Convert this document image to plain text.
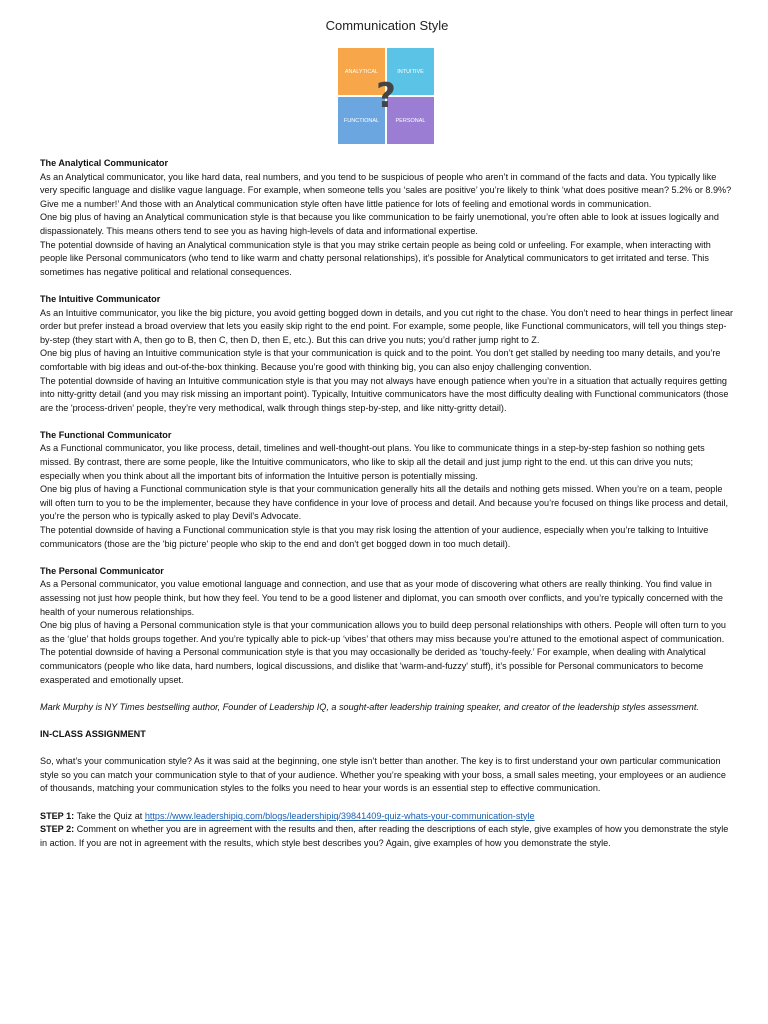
Communication Style
ANALYTICAL	INTUITIVE
FUNCTIONAL	PERSONAL
?

The Analytical Communicator

As an Analytical communicator, you like hard data, real numbers, and you tend to be suspicious of people who aren’t in command of the facts and data. You typically like very specific language and dislike vague language. For example, when someone tells you ‘sales are positive’ you’re likely to think ‘what does positive mean? 5.2% or 8.9%? Give me a number!’ And those with an Analytical communication style often have little patience for lots of feeling and emotional words in communication.

One big plus of having an Analytical communication style is that because you like communication to be fairly unemotional, you’re often able to look at issues logically and dispassionately. This means others tend to see you as having high-levels of data and informational expertise.

The potential downside of having an Analytical communication style is that you may strike certain people as being cold or unfeeling. For example, when interacting with people like Personal communicators (who tend to like warm and chatty personal relationships), it’s possible for Analytical communicators to get irritated and terse. This sometimes has negative political and relational consequences.

The Intuitive Communicator

As an Intuitive communicator, you like the big picture, you avoid getting bogged down in details, and you cut right to the chase. You don’t need to hear things in perfect linear order but prefer instead a broad overview that lets you easily skip right to the end point. For example, some people, like Functional communicators, will tell you things step-by-step (they start with A, then go to B, then C, then D, then E, etc.). But this can drive you nuts; you’d rather jump right to Z.

One big plus of having an Intuitive communication style is that your communication is quick and to the point. You don’t get stalled by needing too many details, and you’re comfortable with big ideas and out-of-the-box thinking. Because you’re good with thinking big, you can also enjoy challenging convention.

The potential downside of having an Intuitive communication style is that you may not always have enough patience when you’re in a situation that actually requires getting into nitty-gritty detail (and you may risk missing an important point). Typically, Intuitive communicators have the most difficulty dealing with Functional communicators (those are the 'process-driven' people, they’re very methodical, walk through things step-by-step, and like nitty-gritty detail).

The Functional Communicator

As a Functional communicator, you like process, detail, timelines and well-thought-out plans. You like to communicate things in a step-by-step fashion so nothing gets missed. By contrast, there are some people, like the Intuitive communicators, who like to skip all the detail and just jump right to the end. ut this can drive you nuts; especially when you think about all the important bits of information the Intuitive person is potentially missing.

One big plus of having a Functional communication style is that your communication generally hits all the details and nothing gets missed. When you’re on a team, people will often turn to you to be the implementer, because they have confidence in your love of process and detail. And because you’re focused on things like process and detail, you’re the person who is typically asked to play Devil’s Advocate.

The potential downside of having a Functional communication style is that you may risk losing the attention of your audience, especially when you’re talking to Intuitive communicators (those are the 'big picture' people who skip to the end and don't get bogged down in too much detail).

The Personal Communicator

As a Personal communicator, you value emotional language and connection, and use that as your mode of discovering what others are really thinking. You find value in assessing not just how people think, but how they feel. You tend to be a good listener and diplomat, you can smooth over conflicts, and you’re typically concerned with the health of your numerous relationships.

One big plus of having a Personal communication style is that your communication allows you to build deep personal relationships with others. People will often turn to you as the ‘glue’ that holds groups together. And you’re typically able to pick-up ‘vibes’ that others may miss because you’re attuned to the emotional aspect of communication.

The potential downside of having a Personal communication style is that you may occasionally be derided as ‘touchy-feely.’ For example, when dealing with Analytical communicators (people who like data, hard numbers, logical discussions, and dislike that 'warm-and-fuzzy' stuff), it’s possible for Personal communicators to become exasperated and emotionally upset.

Mark Murphy is NY Times bestselling author, Founder of Leadership IQ, a sought-after leadership training speaker, and creator of the leadership styles assessment.

IN-CLASS ASSIGNMENT

So, what’s your communication style? As it was said at the beginning, one style isn’t better than another. The key is to first understand your own particular communication style so you can match your communication style to that of your audience. Whether you’re speaking with your boss, a small sales meeting, your employees or an audience of thousands, matching your communication styles to the folks you need to hear your words is an essential step to effective communication.

STEP 1: Take the Quiz at https://www.leadershipiq.com/blogs/leadershipiq/39841409-quiz-whats-your-communication-style

STEP 2: Comment on whether you are in agreement with the results and then, after reading the descriptions of each style, give examples of how you demonstrate the style in action. If you are not in agreement with the results, which style best describes you? Again, give examples of how you demonstrate the style.
